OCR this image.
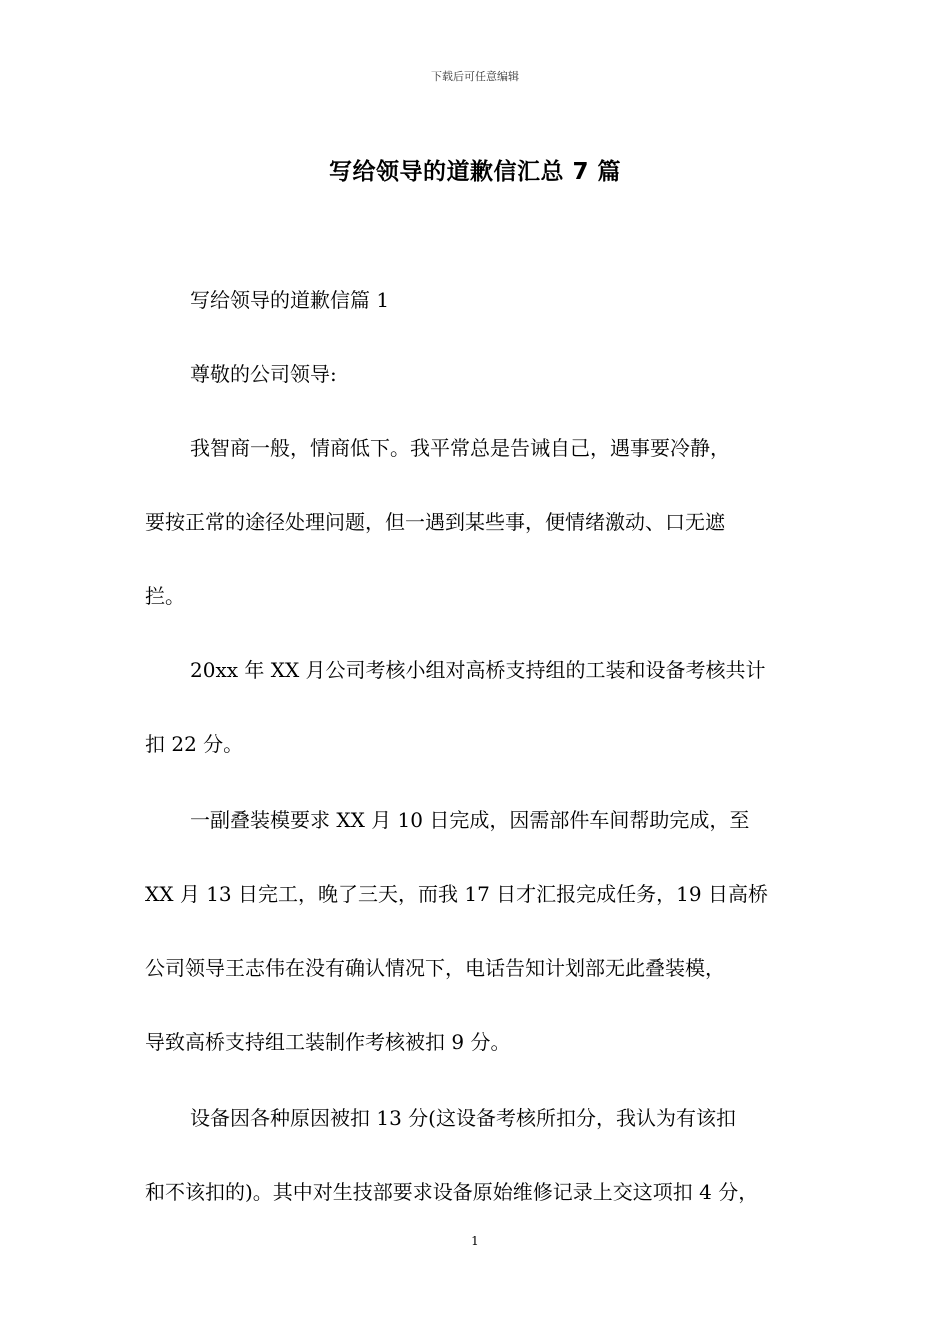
下载后可任意编辑
写给领导的道歉信汇总 7 篇
写给领导的道歉信篇 1
尊敬的公司领导:
我智商一般，情商低下。我平常总是告诫自己，遇事要冷静，
要按正常的途径处理问题，但一遇到某些事，便情绪激动、口无遮
拦。
20xx 年 XX 月公司考核小组对高桥支持组的工装和设备考核共计
扣 22 分。
一副叠装模要求 XX 月 10 日完成，因需部件车间帮助完成，至
XX 月 13 日完工，晚了三天，而我 17 日才汇报完成任务，19 日高桥
公司领导王志伟在没有确认情况下，电话告知计划部无此叠装模，
导致高桥支持组工装制作考核被扣 9 分。
设备因各种原因被扣 13 分(这设备考核所扣分，我认为有该扣
和不该扣的)。其中对生技部要求设备原始维修记录上交这项扣 4 分，
1
